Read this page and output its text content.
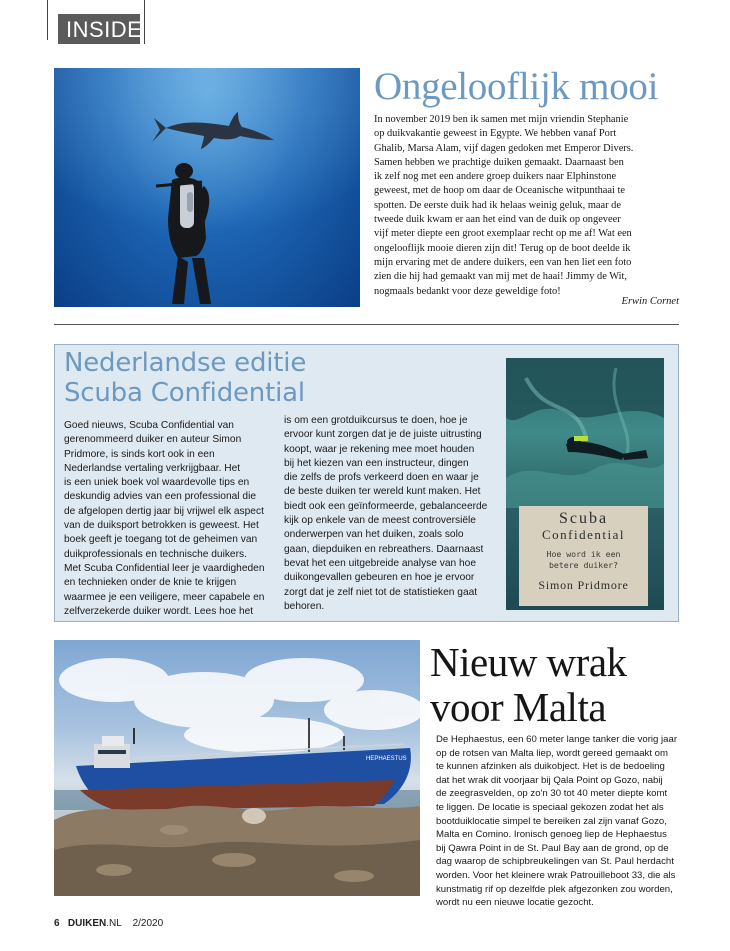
INSIDE
Ongelooflijk mooi
In november 2019 ben ik samen met mijn vriendin Stephanie
op duikvakantie geweest in Egypte. We hebben vanaf Port
Ghalib, Marsa Alam, vijf dagen gedoken met Emperor Divers.
Samen hebben we prachtige duiken gemaakt. Daarnaast ben
ik zelf nog met een andere groep duikers naar Elphinstone
geweest, met de hoop om daar de Oceanische witpunthaai te
spotten. De eerste duik had ik helaas weinig geluk, maar de
tweede duik kwam er aan het eind van de duik op ongeveer
vijf meter diepte een groot exemplaar recht op me af! Wat een
ongelooflijk mooie dieren zijn dit! Terug op de boot deelde ik
mijn ervaring met de andere duikers, een van hen liet een foto
zien die hij had gemaakt van mij met de haai! Jimmy de Wit,
nogmaals bedankt voor deze geweldige foto!
Erwin Cornet
Nederlandse editie
Scuba Confidential
Goed nieuws, Scuba Confidential van
gerenommeerd duiker en auteur Simon
Pridmore, is sinds kort ook in een
Nederlandse vertaling verkrijgbaar. Het
is een uniek boek vol waardevolle tips en
deskundig advies van een professional die
de afgelopen dertig jaar bij vrijwel elk aspect
van de duiksport betrokken is geweest. Het
boek geeft je toegang tot de geheimen van
duikprofessionals en technische duikers.
Met Scuba Confidential leer je vaardigheden
en technieken onder de knie te krijgen
waarmee je een veiligere, meer capabele en
zelfverzekerde duiker wordt. Lees hoe het
is om een grotduikcursus te doen, hoe je
ervoor kunt zorgen dat je de juiste uitrusting
koopt, waar je rekening mee moet houden
bij het kiezen van een instructeur, dingen
die zelfs de profs verkeerd doen en waar je
de beste duiken ter wereld kunt maken. Het
biedt ook een geïnformeerde, gebalanceerde
kijk op enkele van de meest controversiële
onderwerpen van het duiken, zoals solo
gaan, diepduiken en rebreathers. Daarnaast
bevat het een uitgebreide analyse van hoe
duikongevallen gebeuren en hoe je ervoor
zorgt dat je zelf niet tot de statistieken gaat
behoren.
Scuba
Confidential
Hoe word ik een
betere duiker?
Simon Pridmore
HEPHAESTUS
Nieuw wrak
voor Malta
De Hephaestus, een 60 meter lange tanker die vorig jaar
op de rotsen van Malta liep, wordt gereed gemaakt om
te kunnen afzinken als duikobject. Het is de bedoeling
dat het wrak dit voorjaar bij Qala Point op Gozo, nabij
de zeegrasvelden, op zo'n 30 tot 40 meter diepte komt
te liggen. De locatie is speciaal gekozen zodat het als
bootduiklocatie simpel te bereiken zal zijn vanaf Gozo,
Malta en Comino. Ironisch genoeg liep de Hephaestus
bij Qawra Point in de St. Paul Bay aan de grond, op de
dag waarop de schipbreukelingen van St. Paul herdacht
worden. Voor het kleinere wrak Patrouilleboot 33, die als
kunstmatig rif op dezelfde plek afgezonken zou worden,
wordt nu een nieuwe locatie gezocht.
6 DUIKEN.NL 2/2020
